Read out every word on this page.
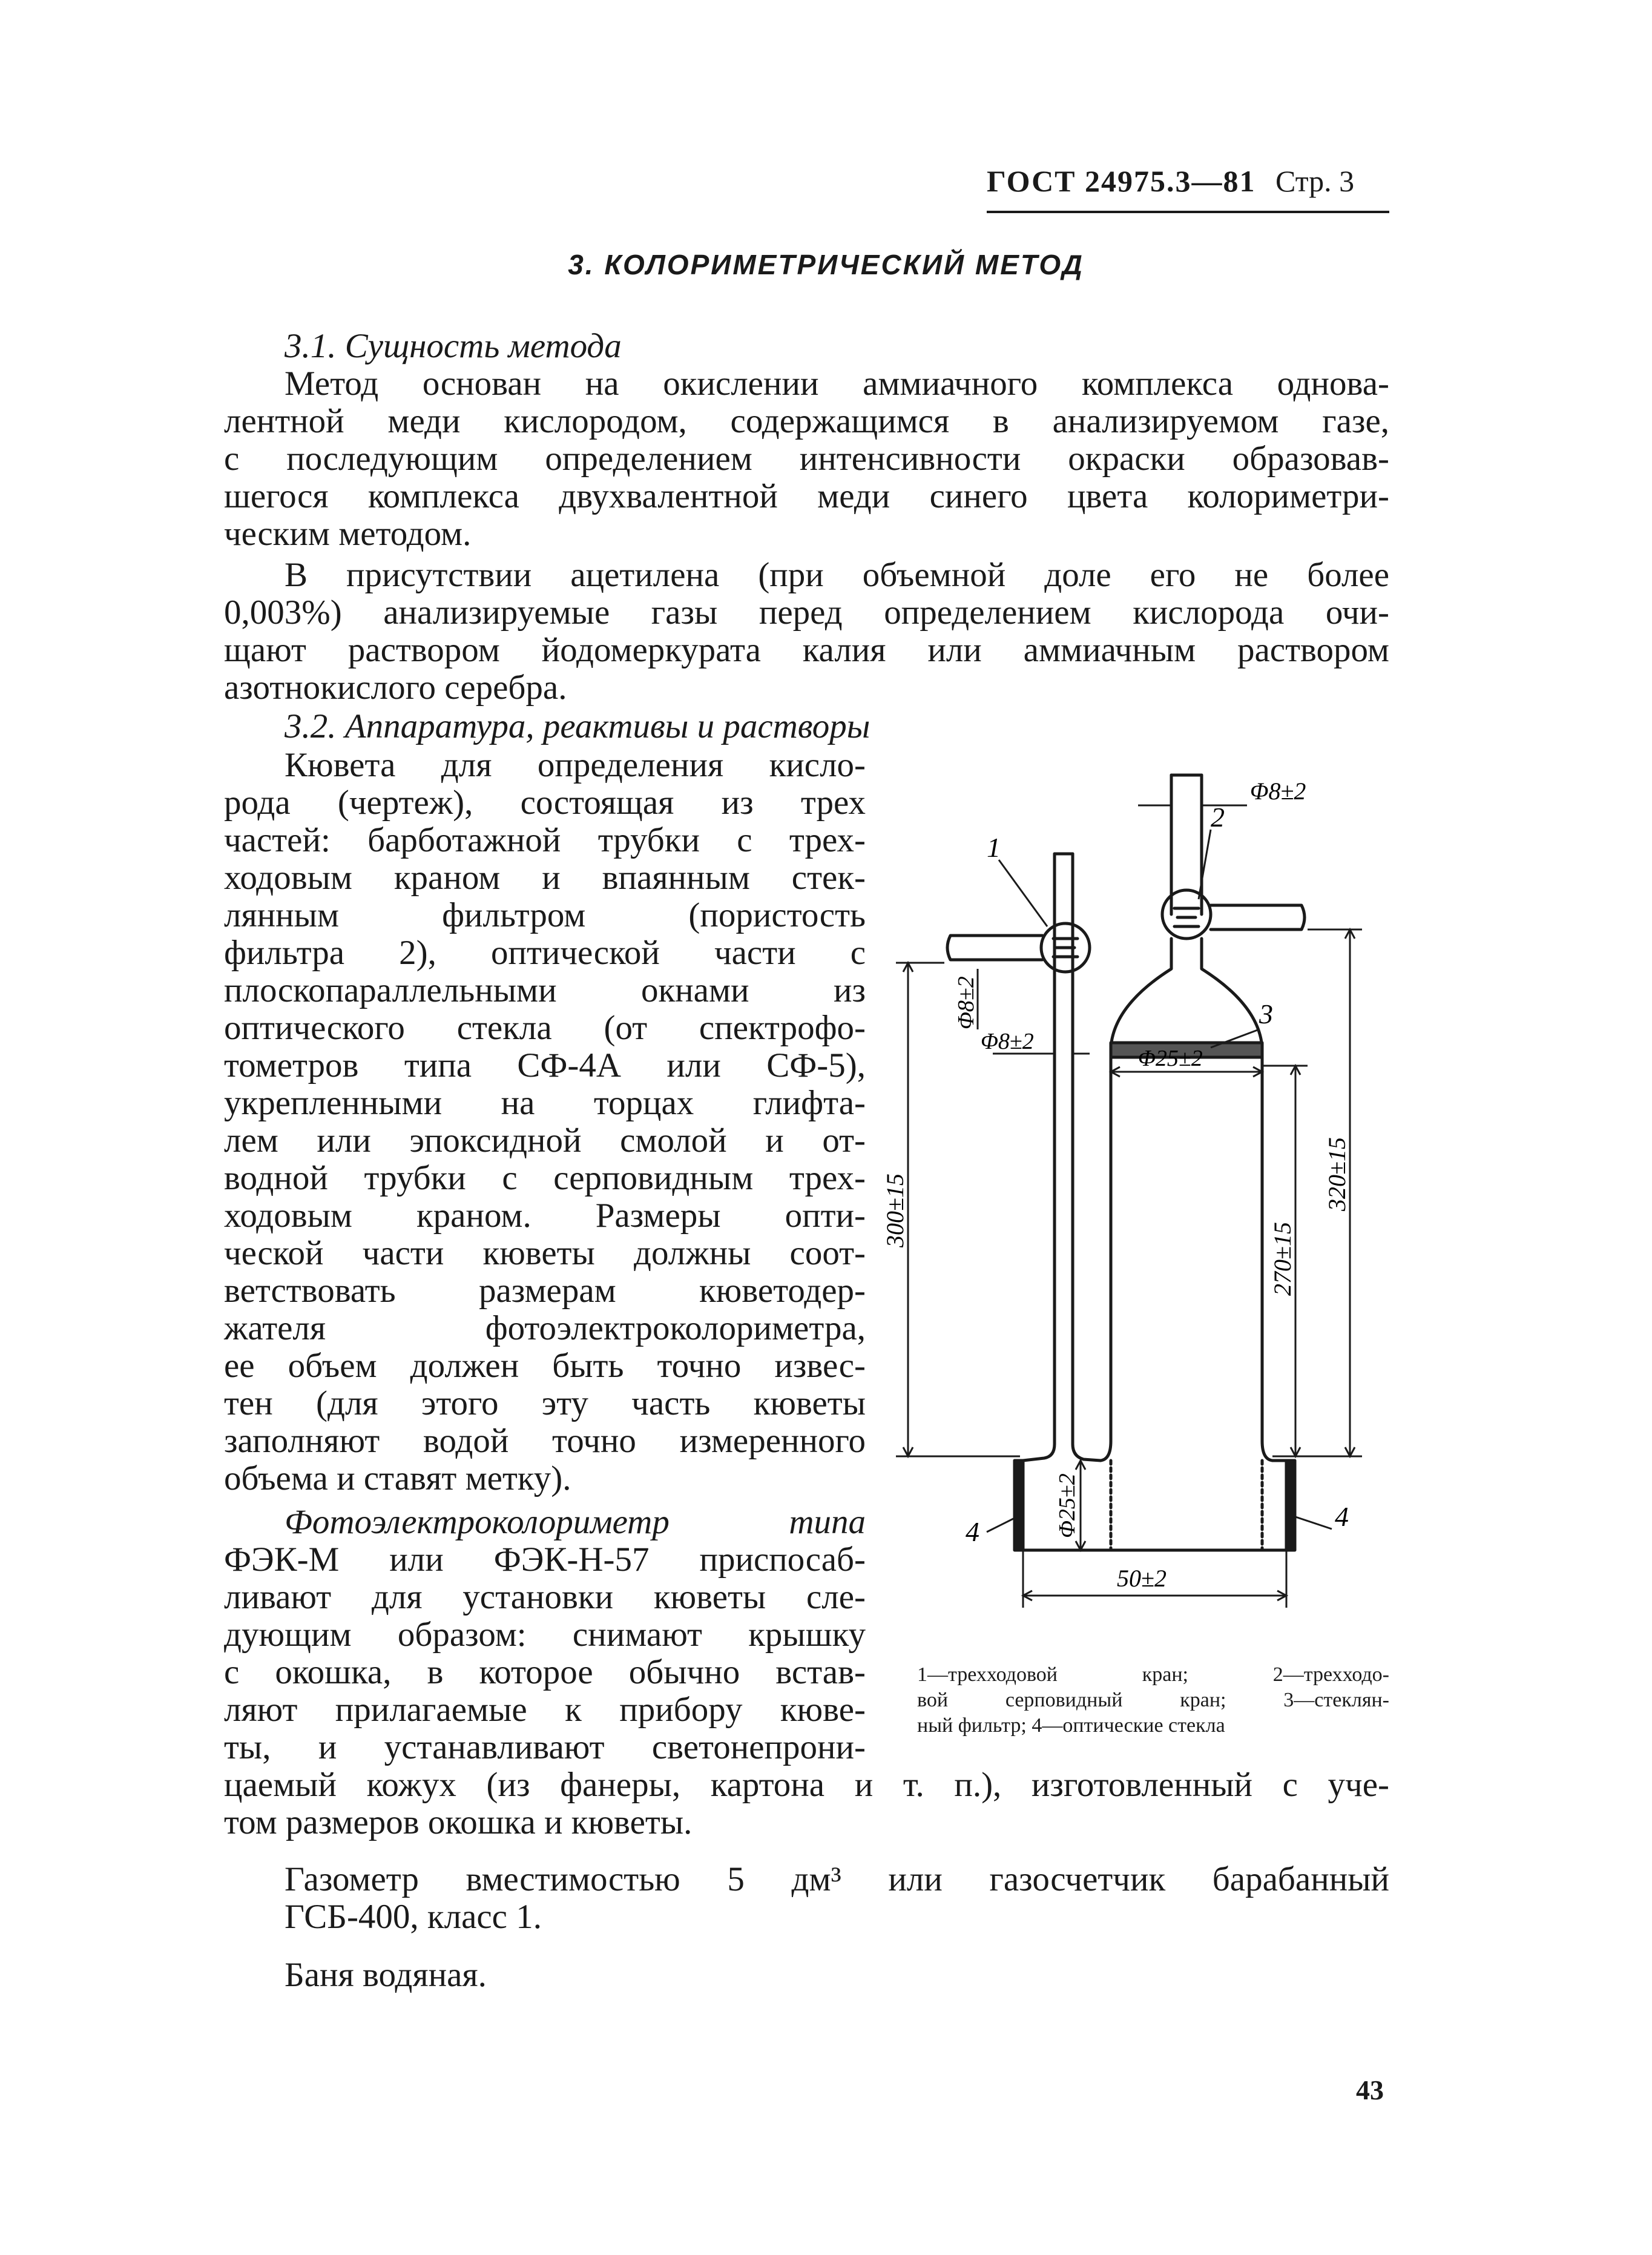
ГОСТ 24975.3—81 Стр. 3
3. КОЛОРИМЕТРИЧЕСКИЙ МЕТОД
3.1. Сущность метода
Метод основан на окислении аммиачного комплекса однова-
лентной меди кислородом, содержащимся в анализируемом газе,
с последующим определением интенсивности окраски образовав-
шегося комплекса двухвалентной меди синего цвета колориметри-
ческим методом.
В присутствии ацетилена (при объемной доле его не более
0,003%) анализируемые газы перед определением кислорода очи-
щают раствором йодомеркурата калия или аммиачным раствором
азотнокислого серебра.
3.2. Аппаратура, реактивы и растворы
Кювета для определения кисло-
рода (чертеж), состоящая из трех
частей: барботажной трубки с трех-
ходовым краном и впаянным стек-
лянным фильтром (пористость
фильтра 2), оптической части с
плоскопараллельными окнами из
оптического стекла (от спектрофо-
тометров типа СФ-4А или СФ-5),
укрепленными на торцах глифта-
лем или эпоксидной смолой и от-
водной трубки с серповидным трех-
ходовым краном. Размеры опти-
ческой части кюветы должны соот-
ветствовать размерам кюветодер-
жателя фотоэлектроколориметра,
ее объем должен быть точно извес-
тен (для этого эту часть кюветы
заполняют водой точно измеренного
объема и ставят метку).
Фотоэлектроколориметр типа
ФЭК-М или ФЭК-Н-57 приспосаб-
ливают для установки кюветы сле-
дующим образом: снимают крышку
с окошка, в которое обычно встав-
ляют прилагаемые к прибору кюве-
ты, и устанавливают светонепрони-
цаемый кожух (из фанеры, картона и т. п.), изготовленный с уче-
том размеров окошка и кюветы.
Газометр вместимостью 5 дм³ или газосчетчик барабанный
ГСБ-400, класс 1.
Баня водяная.
1
2
3
4	4
Φ8±2
Φ8±2
Φ8±2
Φ25±2
300±15
270±15
320±15
Φ25±2
50±2
1—трехходовой кран; 2—трехходо-
вой серповидный кран; 3—стеклян-
ный фильтр; 4—оптические стекла
43
